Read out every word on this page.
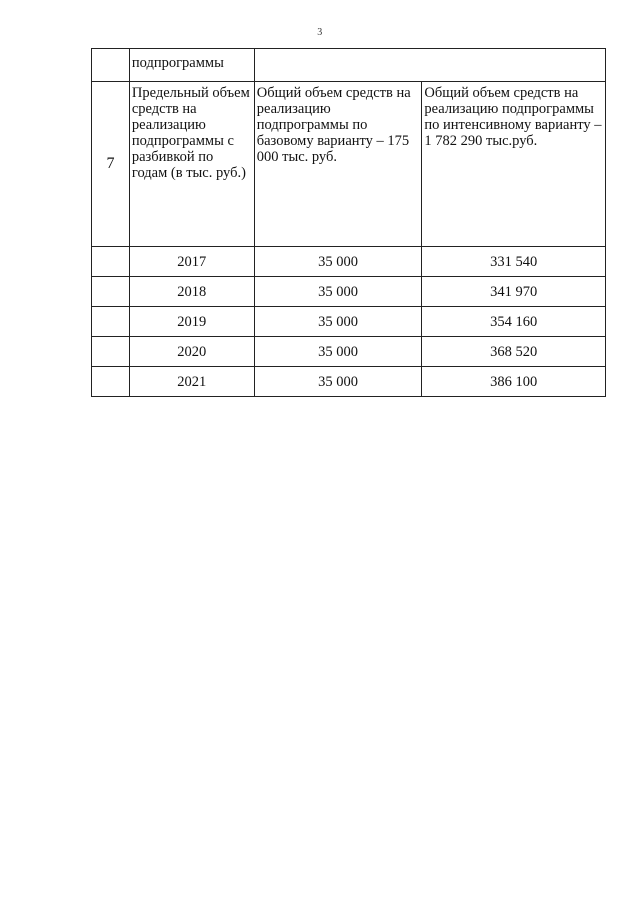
3
	подпрограммы		
7	Предельный объем средств на реализацию подпрограммы с разбивкой по годам (в тыс. руб.)	Общий объем средств на реализацию подпрограммы по базовому варианту – 175 000 тыс. руб.	Общий объем средств на реализацию подпрограммы по интенсивному варианту – 1 782 290 тыс.руб.
	2017	35 000	331 540
	2018	35 000	341 970
	2019	35 000	354 160
	2020	35 000	368 520
	2021	35 000	386 100
